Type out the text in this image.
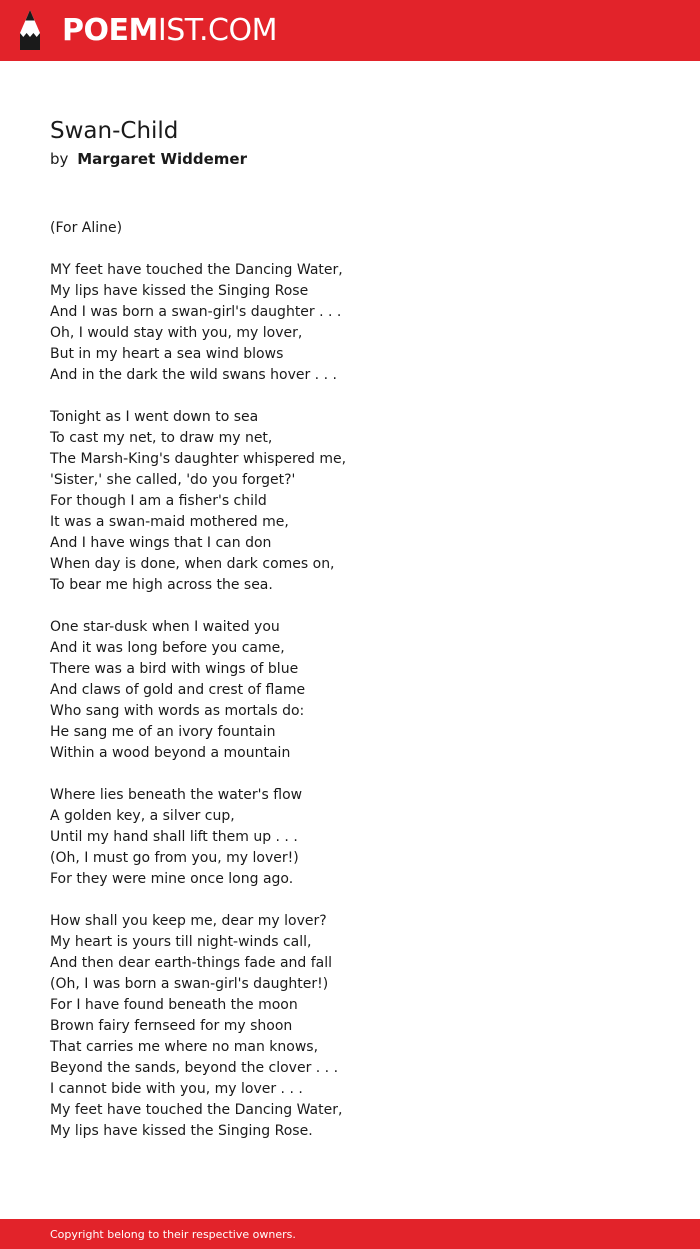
POEMIST.COM
Swan-Child
by Margaret Widdemer
(For Aline)
MY feet have touched the Dancing Water,
My lips have kissed the Singing Rose
And I was born a swan-girl's daughter . . .
Oh, I would stay with you, my lover,
But in my heart a sea wind blows
And in the dark the wild swans hover . . .
Tonight as I went down to sea
To cast my net, to draw my net,
The Marsh-King's daughter whispered me,
'Sister,' she called, 'do you forget?'
For though I am a fisher's child
It was a swan-maid mothered me,
And I have wings that I can don
When day is done, when dark comes on,
To bear me high across the sea.
One star-dusk when I waited you
And it was long before you came,
There was a bird with wings of blue
And claws of gold and crest of flame
Who sang with words as mortals do:
He sang me of an ivory fountain
Within a wood beyond a mountain
Where lies beneath the water's flow
A golden key, a silver cup,
Until my hand shall lift them up . . .
(Oh, I must go from you, my lover!)
For they were mine once long ago.
How shall you keep me, dear my lover?
My heart is yours till night-winds call,
And then dear earth-things fade and fall
(Oh, I was born a swan-girl's daughter!)
For I have found beneath the moon
Brown fairy fernseed for my shoon
That carries me where no man knows,
Beyond the sands, beyond the clover . . .
I cannot bide with you, my lover . . .
My feet have touched the Dancing Water,
My lips have kissed the Singing Rose.
Copyright belong to their respective owners.
